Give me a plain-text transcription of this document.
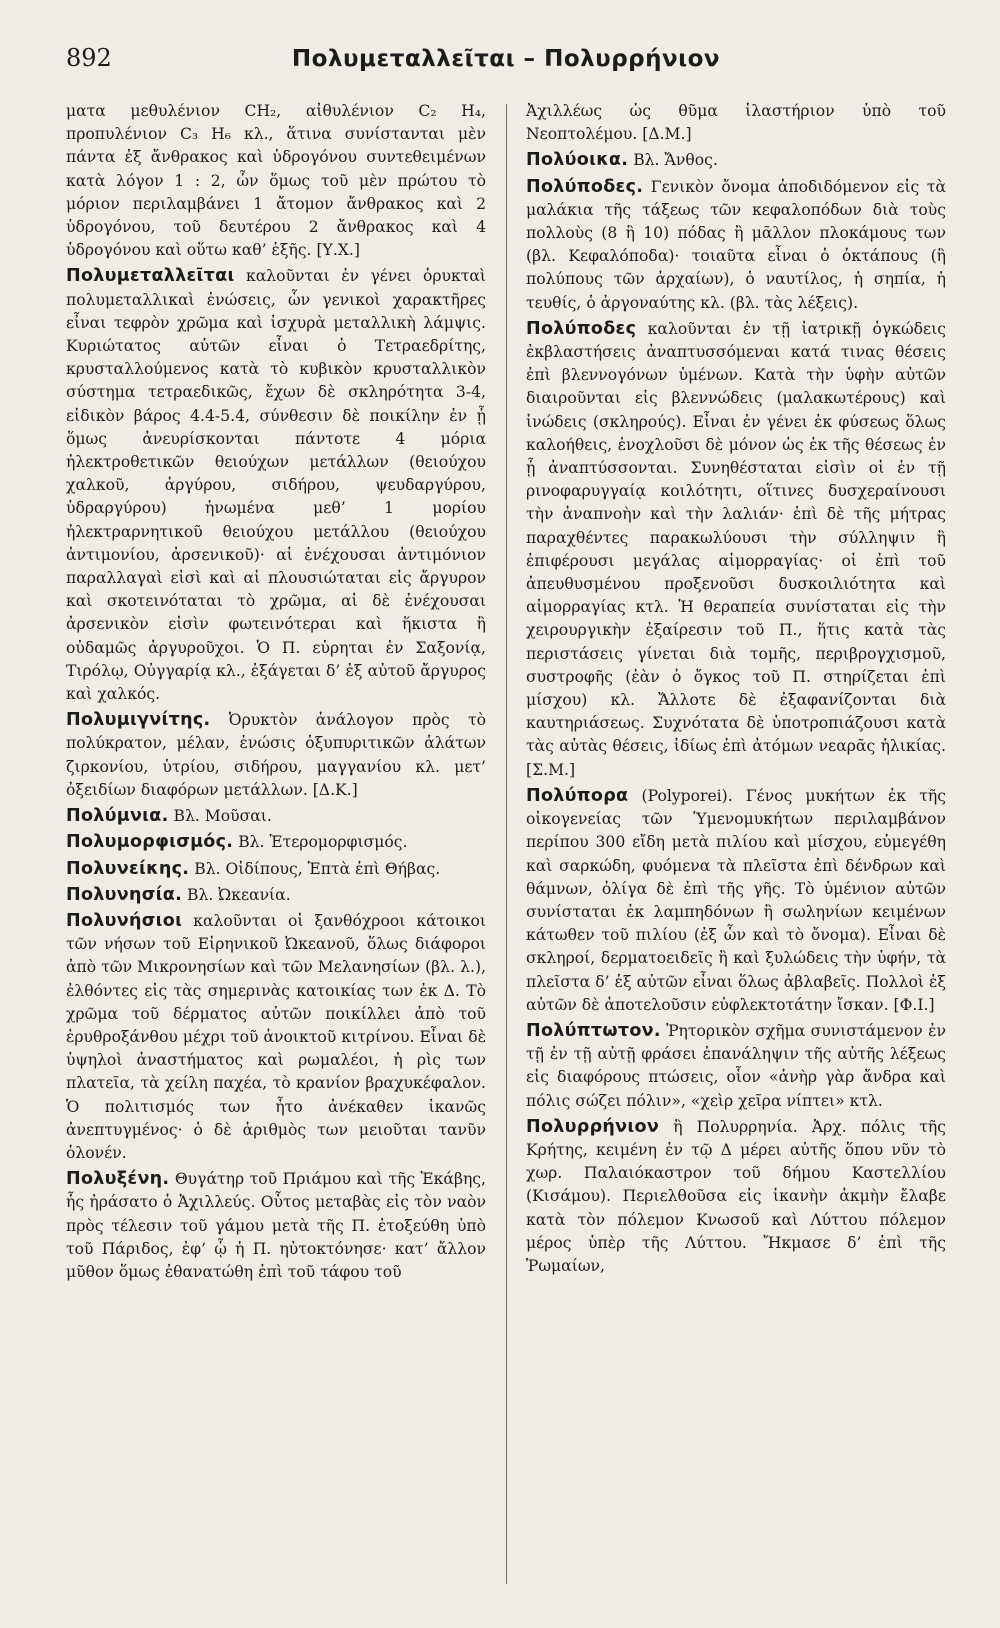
892	Πολυμεταλλεῖται – Πολυρρήνιον

ματα μεθυλένιον CH₂, αἰθυλένιον C₂ H₄, προπυλένιον C₃ H₆ κλ., ἅτινα συνίστανται μὲν πάντα ἐξ ἄνθρακος καὶ ὑδρογόνου συντεθειμένων κατὰ λόγον 1 : 2, ὧν ὅμως τοῦ μὲν πρώτου τὸ μόριον περιλαμβάνει 1 ἄτομον ἄνθρακος καὶ 2 ὑδρογόνου, τοῦ δευτέρου 2 ἄνθρακος καὶ 4 ὑδρογόνου καὶ οὕτω καθ’ ἑξῆς. [Υ.Χ.]

Πολυμεταλλεῖται καλοῦνται ἐν γένει ὀρυκταὶ πολυμεταλλικαὶ ἑνώσεις, ὧν γενικοὶ χαρακτῆρες εἶναι τεφρὸν χρῶμα καὶ ἰσχυρὰ μεταλλικὴ λάμψις. Κυριώτατος αὐτῶν εἶναι ὁ Τετραεδρίτης, κρυσταλλούμενος κατὰ τὸ κυβικὸν κρυσταλλικὸν σύστημα τετραεδικῶς, ἔχων δὲ σκληρότητα 3-4, εἰδικὸν βάρος 4.4-5.4, σύνθεσιν δὲ ποικίλην ἐν ᾗ ὅμως ἀνευρίσκονται πάντοτε 4 μόρια ἠλεκτροθετικῶν θειούχων μετάλλων (θειούχου χαλκοῦ, ἀργύρου, σιδήρου, ψευδαργύρου, ὑδραργύρου) ἡνωμένα μεθ’ 1 μορίου ἠλεκτραρνητικοῦ θειούχου μετάλλου (θειούχου ἀντιμονίου, ἀρσενικοῦ)· αἱ ἐνέχουσαι ἀντιμόνιον παραλλαγαὶ εἰσὶ καὶ αἱ πλουσιώταται εἰς ἄργυρον καὶ σκοτεινόταται τὸ χρῶμα, αἱ δὲ ἐνέχουσαι ἀρσενικὸν εἰσὶν φωτεινότεραι καὶ ἥκιστα ἢ οὐδαμῶς ἀργυροῦχοι. Ὁ Π. εὑρηται ἐν Σαξονίᾳ, Τιρόλῳ, Οὐγγαρίᾳ κλ., ἐξάγεται δ’ ἐξ αὐτοῦ ἄργυρος καὶ χαλκός.

Πολυμιγνίτης. Ὀρυκτὸν ἀνάλογον πρὸς τὸ πολύκρατον, μέλαν, ἑνώσις ὀξυπυριτικῶν ἁλάτων ζιρκονίου, ὑτρίου, σιδήρου, μαγγανίου κλ. μετ’ ὀξειδίων διαφόρων μετάλλων. [Δ.Κ.]

Πολύμνια. Βλ. Μοῦσαι.

Πολυμορφισμός. Βλ. Ἑτερομορφισμός.

Πολυνείκης. Βλ. Οἰδίπους, Ἑπτὰ ἐπὶ Θήβας.

Πολυνησία. Βλ. Ὠκεανία.

Πολυνήσιοι καλοῦνται οἱ ξανθόχροοι κάτοικοι τῶν νήσων τοῦ Εἰρηνικοῦ Ὠκεανοῦ, ὅλως διάφοροι ἀπὸ τῶν Μικρονησίων καὶ τῶν Μελανησίων (βλ. λ.), ἐλθόντες εἰς τὰς σημερινὰς κατοικίας των ἐκ Δ. Τὸ χρῶμα τοῦ δέρματος αὐτῶν ποικίλλει ἀπὸ τοῦ ἐρυθροξάνθου μέχρι τοῦ ἀνοικτοῦ κιτρίνου. Εἶναι δὲ ὑψηλοὶ ἀναστήματος καὶ ρωμαλέοι, ἡ ρὶς των πλατεῖα, τὰ χείλη παχέα, τὸ κρανίον βραχυκέφαλον. Ὁ πολιτισμός των ἦτο ἀνέκαθεν ἱκανῶς ἀνεπτυγμένος· ὁ δὲ ἀριθμὸς των μειοῦται τανῦν ὁλονέν.

Πολυξένη. Θυγάτηρ τοῦ Πριάμου καὶ τῆς Ἑκάβης, ἧς ἠράσατο ὁ Ἀχιλλεύς. Οὗτος μεταβὰς εἰς τὸν ναὸν πρὸς τέλεσιν τοῦ γάμου μετὰ τῆς Π. ἐτοξεύθη ὑπὸ τοῦ Πάριδος, ἐφ’ ᾧ ἡ Π. ηὐτοκτόνησε· κατ’ ἄλλον μῦθον ὅμως ἐθανατώθη ἐπὶ τοῦ τάφου τοῦ

Ἀχιλλέως ὡς θῦμα ἱλαστήριον ὑπὸ τοῦ Νεοπτολέμου. [Δ.Μ.]

Πολύοικα. Βλ. Ἄνθος.

Πολύποδες. Γενικὸν ὄνομα ἀποδιδόμενον εἰς τὰ μαλάκια τῆς τάξεως τῶν κεφαλοπόδων διὰ τοὺς πολλοὺς (8 ἢ 10) πόδας ἢ μᾶλλον πλοκάμους των (βλ. Κεφαλόποδα)· τοιαῦτα εἶναι ὁ ὀκτάπους (ἢ πολύπους τῶν ἀρχαίων), ὁ ναυτίλος, ἡ σηπία, ἡ τευθίς, ὁ ἀργοναύτης κλ. (βλ. τὰς λέξεις).

Πολύποδες καλοῦνται ἐν τῇ ἰατρικῇ ὀγκώδεις ἐκβλαστήσεις ἀναπτυσσόμεναι κατά τινας θέσεις ἐπὶ βλεννογόνων ὑμένων. Κατὰ τὴν ὑφὴν αὐτῶν διαιροῦνται εἰς βλεννώδεις (μαλακωτέρους) καὶ ἰνώδεις (σκληρούς). Εἶναι ἐν γένει ἐκ φύσεως ὅλως καλοήθεις, ἐνοχλοῦσι δὲ μόνον ὡς ἐκ τῆς θέσεως ἐν ᾗ ἀναπτύσσονται. Συνηθέσταται εἰσὶν οἱ ἐν τῇ ρινοφαρυγγαίᾳ κοιλότητι, οἵτινες δυσχεραίνουσι τὴν ἀναπνοὴν καὶ τὴν λαλιάν· ἐπὶ δὲ τῆς μήτρας παραχθέντες παρακωλύουσι τὴν σύλληψιν ἢ ἐπιφέρουσι μεγάλας αἱμορραγίας· οἱ ἐπὶ τοῦ ἀπευθυσμένου προξενοῦσι δυσκοιλιότητα καὶ αἱμορραγίας κτλ. Ἡ θεραπεία συνίσταται εἰς τὴν χειρουργικὴν ἐξαίρεσιν τοῦ Π., ἥτις κατὰ τὰς περιστάσεις γίνεται διὰ τομῆς, περιβρογχισμοῦ, συστροφῆς (ἐὰν ὁ ὄγκος τοῦ Π. στηρίζεται ἐπὶ μίσχου) κλ. Ἄλλοτε δὲ ἐξαφανίζονται διὰ καυτηριάσεως. Συχνότατα δὲ ὑποτροπιάζουσι κατὰ τὰς αὐτὰς θέσεις, ἰδίως ἐπὶ ἀτόμων νεαρᾶς ἡλικίας. [Σ.Μ.]

Πολύπορα (Polyporei). Γένος μυκήτων ἐκ τῆς οἰκογενείας τῶν Ὑμενομυκήτων περιλαμβάνον περίπου 300 εἴδη μετὰ πιλίου καὶ μίσχου, εὐμεγέθη καὶ σαρκώδη, φυόμενα τὰ πλεῖστα ἐπὶ δένδρων καὶ θάμνων, ὀλίγα δὲ ἐπὶ τῆς γῆς. Τὸ ὑμένιον αὐτῶν συνίσταται ἐκ λαμπηδόνων ἢ σωληνίων κειμένων κάτωθεν τοῦ πιλίου (ἐξ ὧν καὶ τὸ ὄνομα). Εἶναι δὲ σκληροί, δερματοειδεῖς ἢ καὶ ξυλώδεις τὴν ὑφήν, τὰ πλεῖστα δ’ ἐξ αὐτῶν εἶναι ὅλως ἀβλαβεῖς. Πολλοὶ ἐξ αὐτῶν δὲ ἀποτελοῦσιν εὐφλεκτοτάτην ἴσκαν. [Φ.Ι.]

Πολύπτωτον. Ῥητορικὸν σχῆμα συνιστάμενον ἐν τῇ ἐν τῇ αὐτῇ φράσει ἐπανάληψιν τῆς αὐτῆς λέξεως εἰς διαφόρους πτώσεις, οἷον «ἀνὴρ γὰρ ἄνδρα καὶ πόλις σώζει πόλιν», «χεὶρ χεῖρα νίπτει» κτλ.

Πολυρρήνιον ἢ Πολυρρηνία. Ἀρχ. πόλις τῆς Κρήτης, κειμένη ἐν τῷ Δ μέρει αὐτῆς ὅπου νῦν τὸ χωρ. Παλαιόκαστρον τοῦ δήμου Καστελλίου (Κισάμου). Περιελθοῦσα εἰς ἱκανὴν ἀκμὴν ἔλαβε κατὰ τὸν πόλεμον Κνωσοῦ καὶ Λύττου πόλεμον μέρος ὑπὲρ τῆς Λύττου. Ἤκμασε δ’ ἐπὶ τῆς Ῥωμαίων,
